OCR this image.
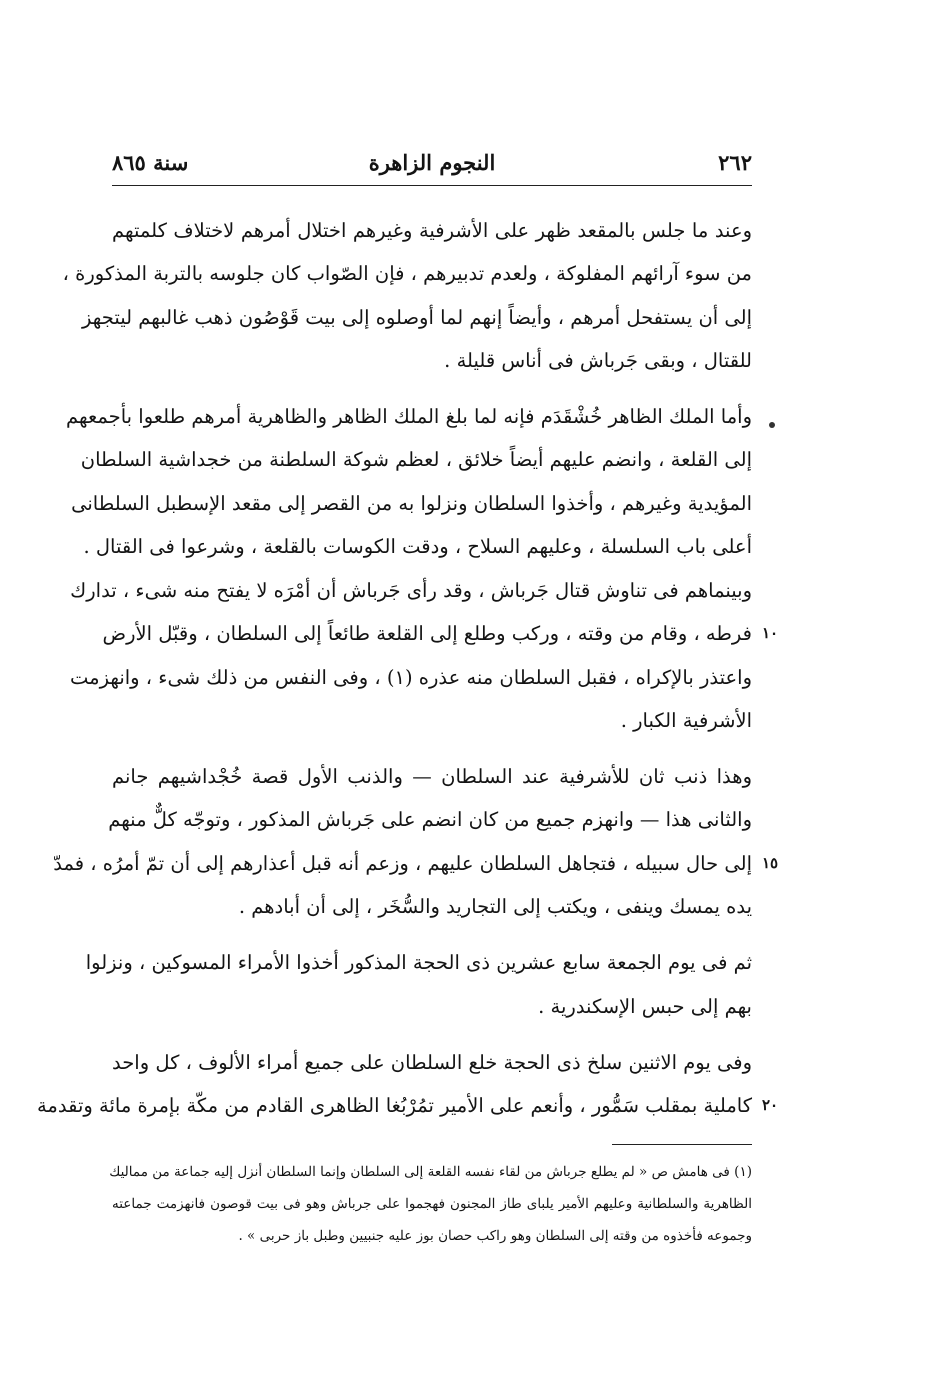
سنة ٨٦٥	النجوم الزاهرة	٢٦٢
وعند ما جلس بالمقعد ظهر على الأشرفية وغيرهم اختلال أمرهم لاختلاف كلمتهم
من سوء آرائهم المفلوكة ، ولعدم تدبيرهم ، فإن الصّواب كان جلوسه بالتربة المذكورة ،
إلى أن يستفحل أمرهم ، وأيضاً إنهم لما أوصلوه إلى بيت قَوْصُون ذهب غالبهم ليتجهز
للقتال ، وبقى جَرباش فى أناس قليلة .
وأما الملك الظاهر خُشْقَدَم فإنه لما بلغ الملك الظاهر والظاهرية أمرهم طلعوا بأجمعهم
إلى القلعة ، وانضم عليهم أيضاً خلائق ، لعظم شوكة السلطنة من خجداشية السلطان
المؤيدية وغيرهم ، وأخذوا السلطان ونزلوا به من القصر إلى مقعد الإسطبل السلطانى
أعلى باب السلسلة ، وعليهم السلاح ، ودقت الكوسات بالقلعة ، وشرعوا فى القتال .
وبينماهم فى تناوش قتال جَرباش ، وقد رأى جَرباش أن أمْرَه لا يفتح منه شىء ، تدارك
فرطه ، وقام من وقته ، وركب وطلع إلى القلعة طائعاً إلى السلطان ، وقبّل الأرض
واعتذر بالإكراه ، فقبل السلطان منه عذره (١) ، وفى النفس من ذلك شىء ، وانهزمت
الأشرفية الكبار .
وهذا ذنب ثان للأشرفية عند السلطان — والذنب الأول قصة خُجْداشيهم جانم
والثانى هذا — وانهزم جميع من كان انضم على جَرباش المذكور ، وتوجّه كلٌّ منهم
إلى حال سبيله ، فتجاهل السلطان عليهم ، وزعم أنه قبل أعذارهم إلى أن تمّ أمرُه ، فمدّ
يده يمسك وينفى ، ويكتب إلى التجاريد والسُّخَر ، إلى أن أبادهم .
ثم فى يوم الجمعة سابع عشرين ذى الحجة المذكور أخذوا الأمراء المسوكين ، ونزلوا
بهم إلى حبس الإسكندرية .
وفى يوم الاثنين سلخ ذى الحجة خلع السلطان على جميع أمراء الألوف ، كل واحد
كاملية بمقلب سَمُّور ، وأنعم على الأمير تمُرْبُغا الظاهرى القادم من مكّة بإمرة مائة وتقدمة
١٠
١٥
٢٠
(١) فى هامش ص « لم يطلع جرباش من لقاء نفسه القلعة إلى السلطان وإنما السلطان أنزل إليه جماعة من مماليك
الظاهرية والسلطانية وعليهم الأمير يلباى طاز المجنون فهجموا على جرباش وهو فى بيت قوصون فانهزمت جماعته
وجموعه فأخذوه من وقته إلى السلطان وهو راكب حصان بوز عليه جنبيين وطبل باز حربى » .
